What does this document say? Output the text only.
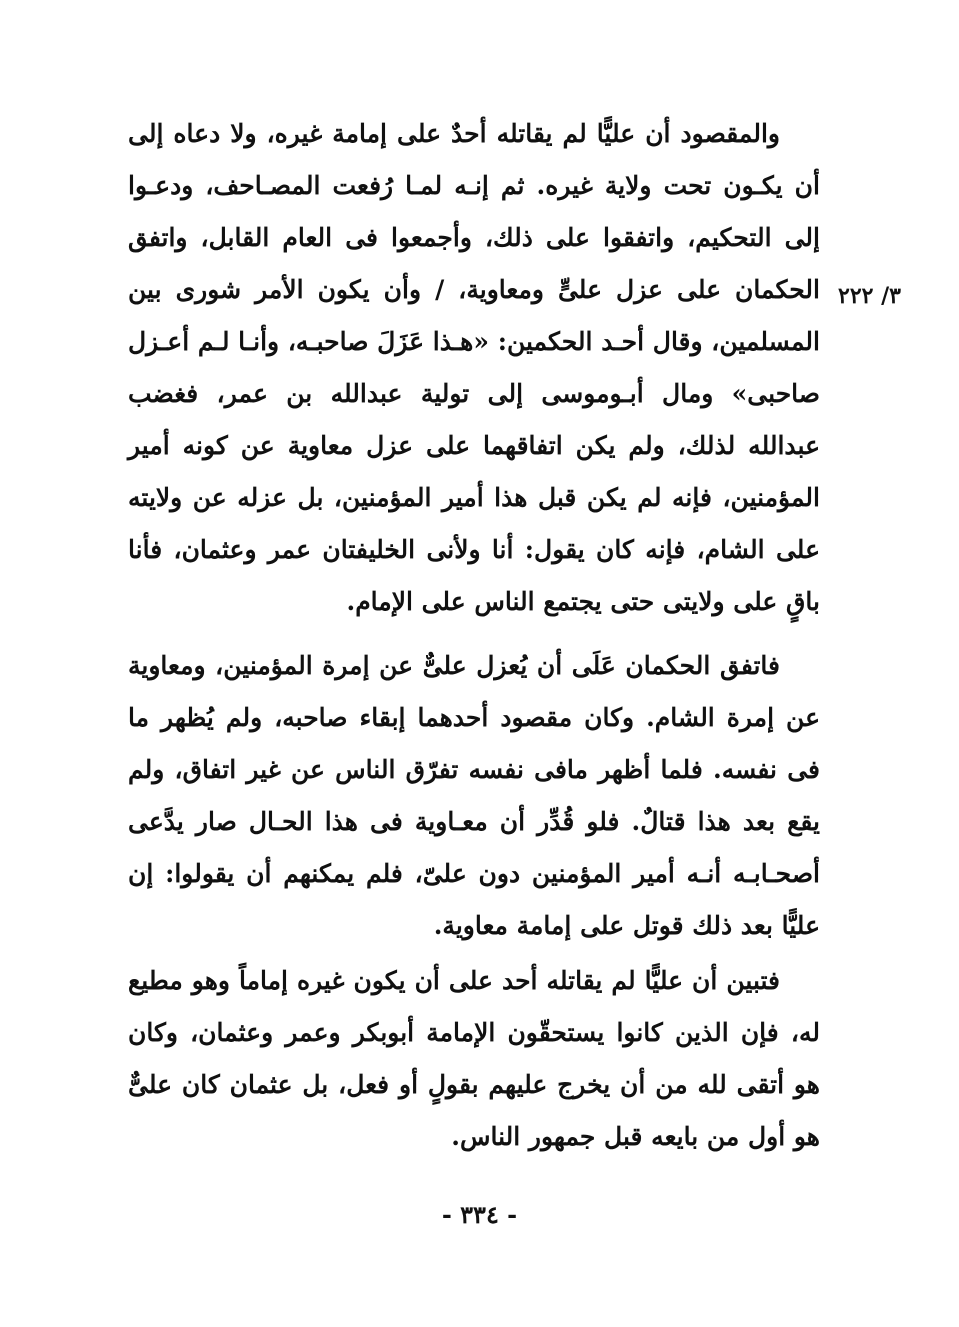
٣/ ٢٢٢

والمقصود أن عليًّا لم يقاتله أحدٌ على إمامة غيره، ولا دعاه إلى أن يكـون تحت ولاية غيره. ثم إنـه لمـا رُفعت المصـاحف، ودعـوا إلى التحكيم، واتفقوا على ذلك، وأجمعوا فى العام القابل، واتفق الحكمان على عزل علىٍّ ومعاوية، / وأن يكون الأمر شورى بين المسلمين، وقال أحـد الحكمين: «هـذا عَزَلَ صاحبـه، وأنـا لـم أعـزل صاحبى» ومال أبـوموسى إلى تولية عبدالله بن عمر، فغضب عبدالله لذلك، ولم يكن اتفاقهما على عزل معاوية عن كونه أمير المؤمنين، فإنه لم يكن قبل هذا أمير المؤمنين، بل عزله عن ولايته على الشام، فإنه كان يقول: أنا ولأنى الخليفتان عمر وعثمان، فأنا باقٍ على ولايتى حتى يجتمع الناس على الإمام.

فاتفق الحكمان عَلَى أن يُعزل علىٌّ عن إمرة المؤمنين، ومعاوية عن إمرة الشام. وكان مقصود أحدهما إبقاء صاحبه، ولم يُظهر ما فى نفسه. فلما أظهر مافى نفسه تفرّق الناس عن غير اتفاق، ولم يقع بعد هذا قتالٌ. فلو قُدِّر أن معـاوية فى هذا الحـال صار يدَّعى أصحـابـه أنـه أمير المؤمنين دون علىّ، فلم يمكنهم أن يقولوا: إن عليًّا بعد ذلك قوتل على إمامة معاوية.

فتبين أن عليًّا لم يقاتله أحد على أن يكون غيره إماماً وهو مطيع له، فإن الذين كانوا يستحقّون الإمامة أبوبكر وعمر وعثمان، وكان هو أتقى لله من أن يخرج عليهم بقولٍ أو فعل، بل عثمان كان علىٌّ هو أول من بايعه قبل جمهور الناس.

- ٣٣٤ -
